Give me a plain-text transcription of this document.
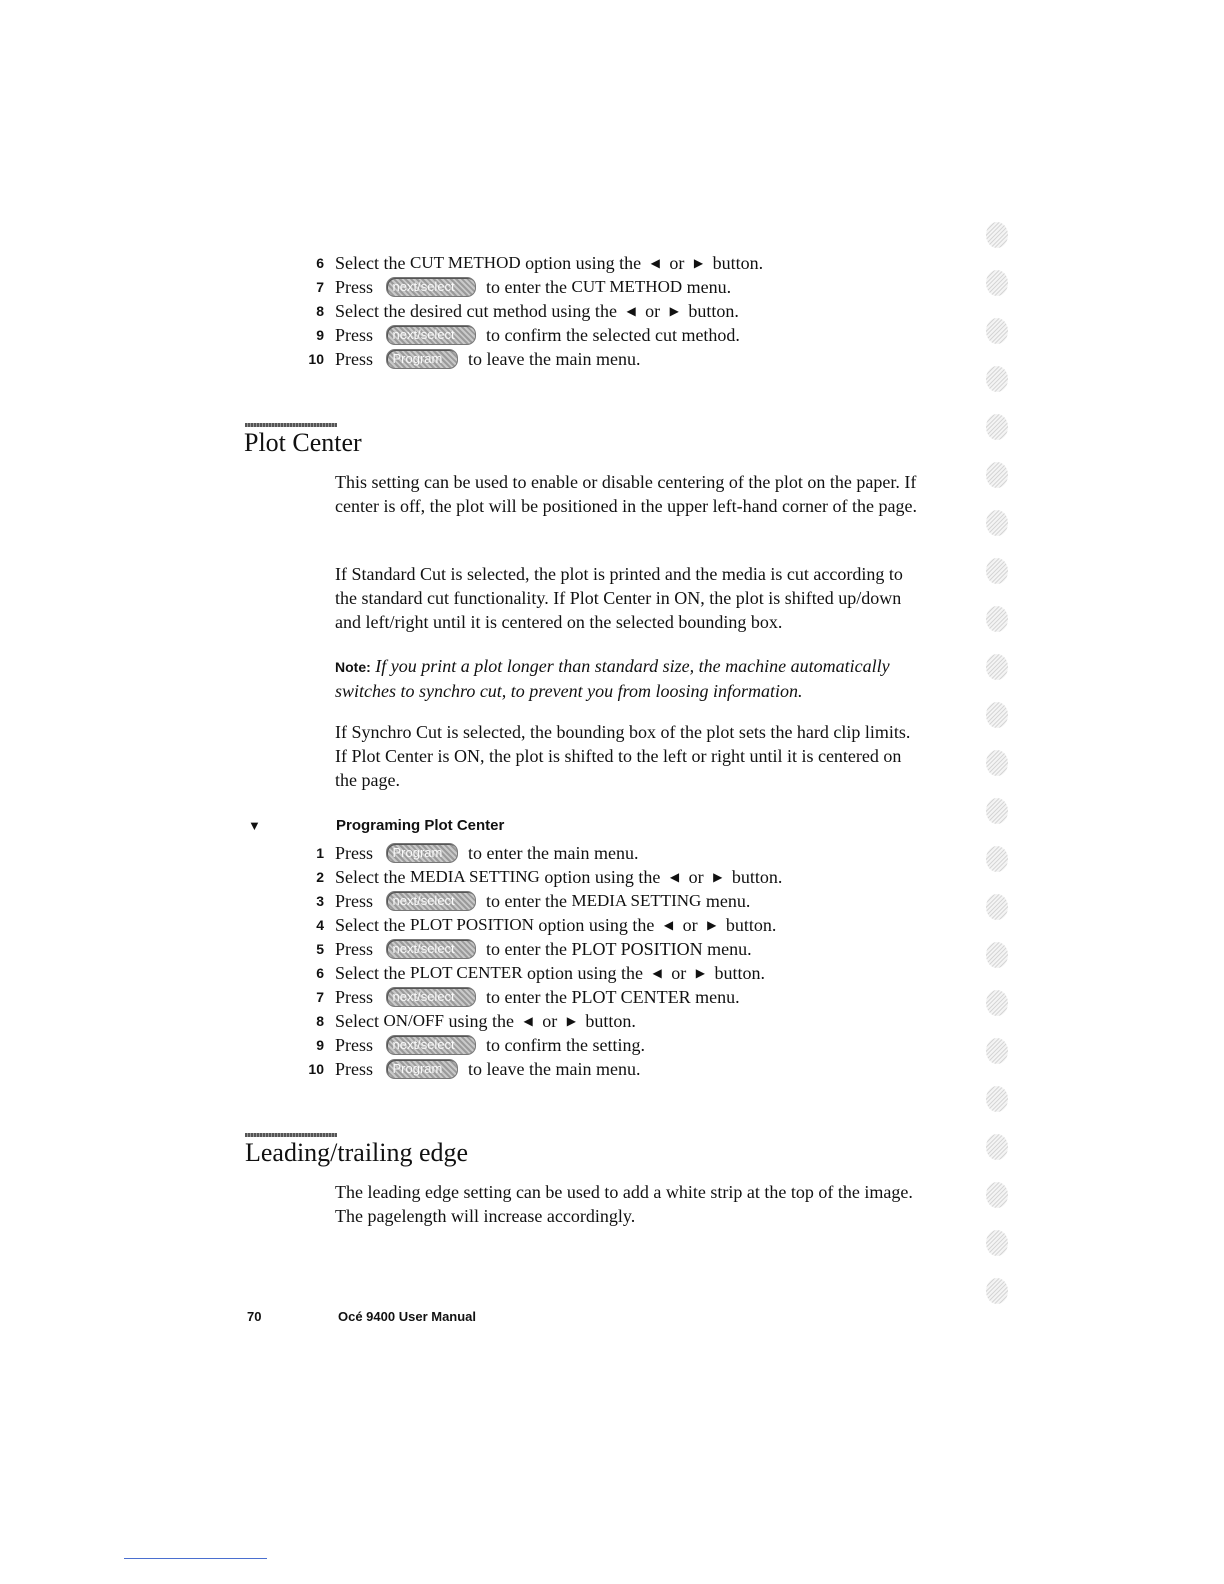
6 Select the CUT METHOD option using the ◀ or ▶ button.
7 Press	next/select	to enter the CUT METHOD menu.
8 Select the desired cut method using the ◀ or ▶ button.
9 Press	next/select	to confirm the selected cut method.
10 Press	Program	to leave the main menu.
Plot Center

This setting can be used to enable or disable centering of the plot on the paper. If center is off, the plot will be positioned in the upper left-hand corner of the page.

If Standard Cut is selected, the plot is printed and the media is cut according to the standard cut functionality. If Plot Center in ON, the plot is shifted up/down and left/right until it is centered on the selected bounding box.

Note: If you print a plot longer than standard size, the machine automatically switches to synchro cut, to prevent you from loosing information.

If Synchro Cut is selected, the bounding box of the plot sets the hard clip limits. If Plot Center is ON, the plot is shifted to the left or right until it is centered on the page.

▼	Programing Plot Center
1 Press	Program	to enter the main menu.
2 Select the MEDIA SETTING option using the ◀ or ▶ button.
3 Press	next/select	to enter the MEDIA SETTING menu.
4 Select the PLOT POSITION option using the ◀ or ▶ button.
5 Press	next/select	to enter the PLOT POSITION menu.
6 Select the PLOT CENTER option using the ◀ or ▶ button.
7 Press	next/select	to enter the PLOT CENTER menu.
8 Select ON/OFF using the ◀ or ▶ button.
9 Press	next/select	to confirm the setting.
10 Press	Program	to leave the main menu.
Leading/trailing edge

The leading edge setting can be used to add a white strip at the top of the image. The pagelength will increase accordingly.

70	Océ 9400 User Manual
